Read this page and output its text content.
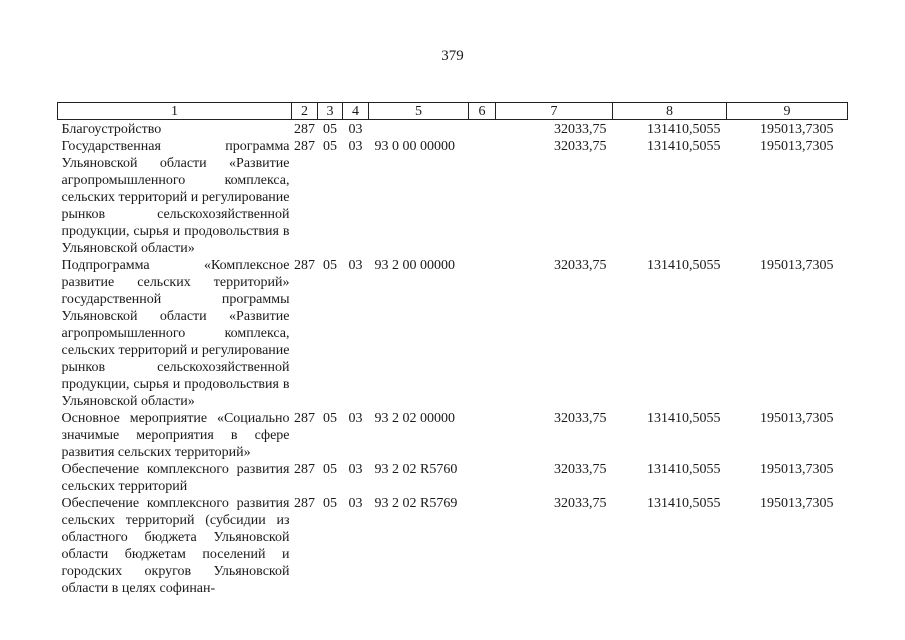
379
1	2	3	4	5	6	7	8	9
Благоустройство	287	05	03			32033,75	131410,5055	195013,7305
Государственная программа Ульяновской области «Развитие агропромышленного комплекса, сельских территорий и регулирование рынков сельскохозяйственной продукции, сырья и продовольствия в Ульяновской области»	287	05	03	93 0 00 00000		32033,75	131410,5055	195013,7305
Подпрограмма «Комплексное развитие сельских территорий» государственной программы Ульяновской области «Развитие агропромышленного комплекса, сельских территорий и регулирование рынков сельскохозяйственной продукции, сырья и продовольствия в Ульяновской области»	287	05	03	93 2 00 00000		32033,75	131410,5055	195013,7305
Основное мероприятие «Социально значимые мероприятия в сфере развития сельских территорий»	287	05	03	93 2 02 00000		32033,75	131410,5055	195013,7305
Обеспечение комплексного развития сельских территорий	287	05	03	93 2 02 R5760		32033,75	131410,5055	195013,7305
Обеспечение комплексного развития сельских территорий (субсидии из областного бюджета Ульяновской области бюджетам поселений и городских округов Ульяновской области в целях софинан-	287	05	03	93 2 02 R5769		32033,75	131410,5055	195013,7305
